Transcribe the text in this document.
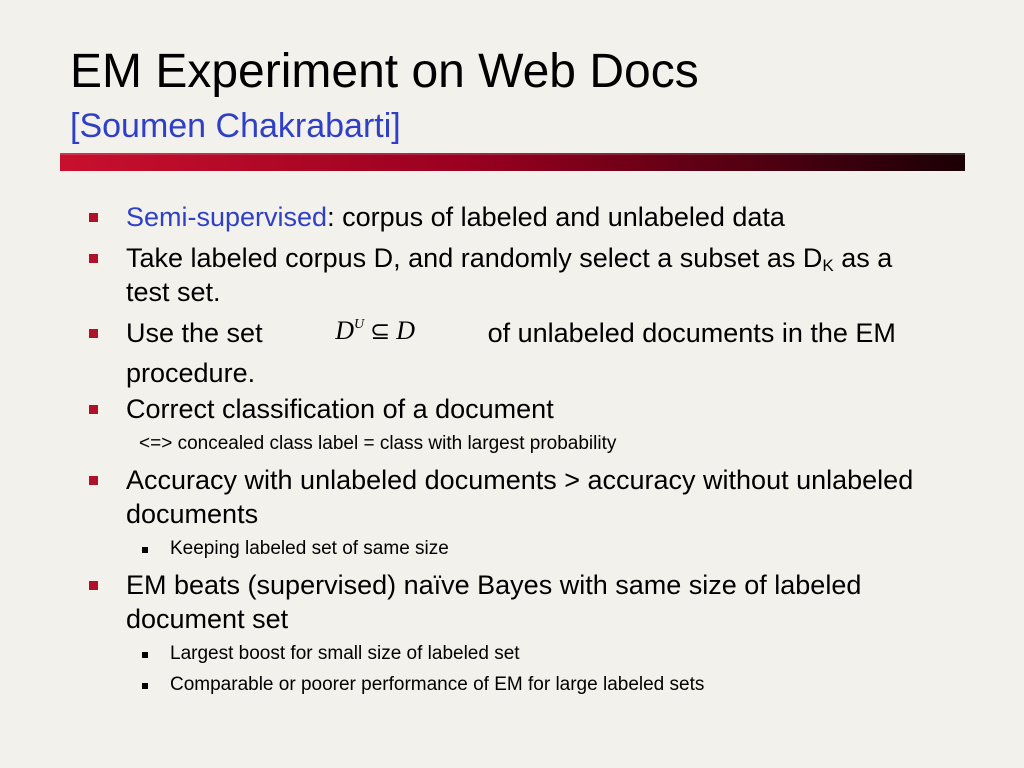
EM Experiment on Web Docs
[Soumen Chakrabarti]
Semi-supervised: corpus of labeled and unlabeled data
Take labeled corpus D, and randomly select a subset as $D_K$ as a test set.
Use the set	$D^U$ ⊆ D	of unlabeled documents in the EM procedure.
Correct classification of a document
<=> concealed class label = class with largest probability
Accuracy with unlabeled documents > accuracy without unlabeled documents
Keeping labeled set of same size
EM beats (supervised) naïve Bayes with same size of labeled document set
Largest boost for small size of labeled set
Comparable or poorer performance of EM for large labeled sets
